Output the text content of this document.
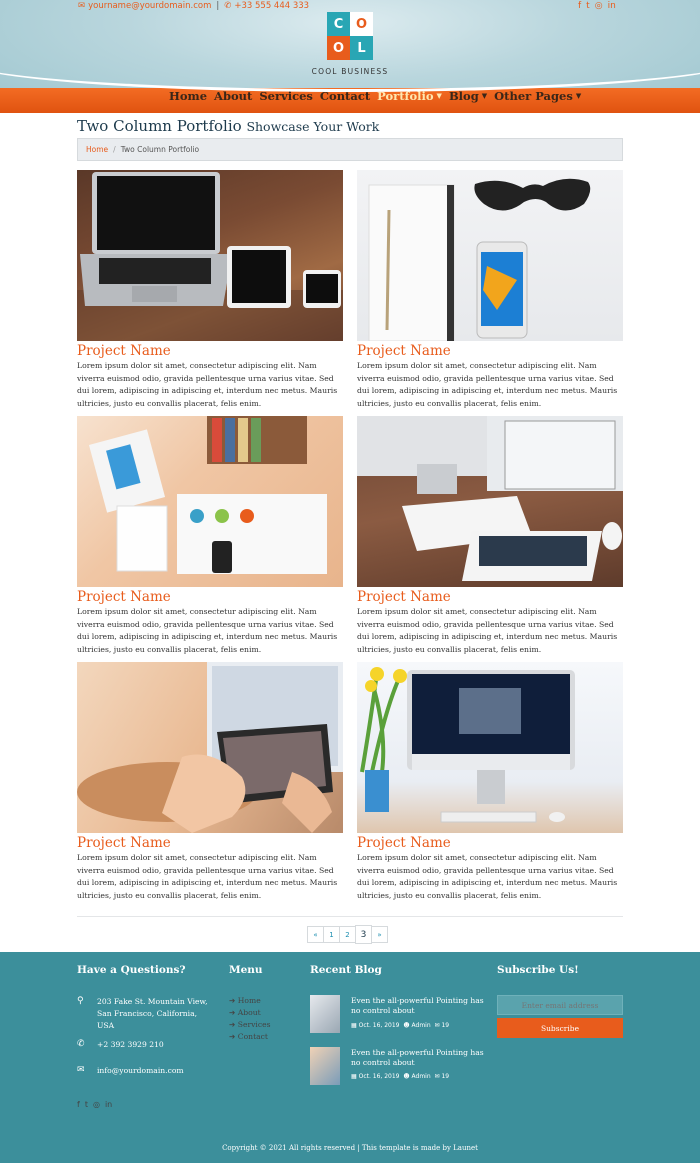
✉ yourname@yourdomain.com | ✆ +33 555 444 333	f t ◎ in
C O
O	L
COOL BUSINESS
Home About Services Contact Portfolio ▼ Blog ▼ Other Pages ▼
Two Column Portfolio Showcase Your Work
Home / Two Column Portfolio
Project Name
Lorem ipsum dolor sit amet, consectetur adipiscing elit. Nam viverra euismod odio, gravida pellentesque urna varius vitae. Sed dui lorem, adipiscing in adipiscing et, interdum nec metus. Mauris ultricies, justo eu convallis placerat, felis enim.
Project Name
Lorem ipsum dolor sit amet, consectetur adipiscing elit. Nam viverra euismod odio, gravida pellentesque urna varius vitae. Sed dui lorem, adipiscing in adipiscing et, interdum nec metus. Mauris ultricies, justo eu convallis placerat, felis enim.
Project Name
Lorem ipsum dolor sit amet, consectetur adipiscing elit. Nam viverra euismod odio, gravida pellentesque urna varius vitae. Sed dui lorem, adipiscing in adipiscing et, interdum nec metus. Mauris ultricies, justo eu convallis placerat, felis enim.
Project Name
Lorem ipsum dolor sit amet, consectetur adipiscing elit. Nam viverra euismod odio, gravida pellentesque urna varius vitae. Sed dui lorem, adipiscing in adipiscing et, interdum nec metus. Mauris ultricies, justo eu convallis placerat, felis enim.
Project Name
Lorem ipsum dolor sit amet, consectetur adipiscing elit. Nam viverra euismod odio, gravida pellentesque urna varius vitae. Sed dui lorem, adipiscing in adipiscing et, interdum nec metus. Mauris ultricies, justo eu convallis placerat, felis enim.
Project Name
Lorem ipsum dolor sit amet, consectetur adipiscing elit. Nam viverra euismod odio, gravida pellentesque urna varius vitae. Sed dui lorem, adipiscing in adipiscing et, interdum nec metus. Mauris ultricies, justo eu convallis placerat, felis enim.
«	1	2	3	»
Have a Questions?
⚲ 203 Fake St. Mountain View, San Francisco, California, USA
✆ +2 392 3929 210
✉ info@yourdomain.com
Menu
➔ Home
➔ About
➔ Services
➔ Contact
Recent Blog
Even the all-powerful Pointing has no control about
▦ Oct. 16, 2019 ☻ Admin ✉ 19
Even the all-powerful Pointing has no control about
▦ Oct. 16, 2019 ☻ Admin ✉ 19
Subscribe Us!
Enter email address
Subscribe
f t ◎ in
Copyright © 2021 All rights reserved | This template is made by Launet
